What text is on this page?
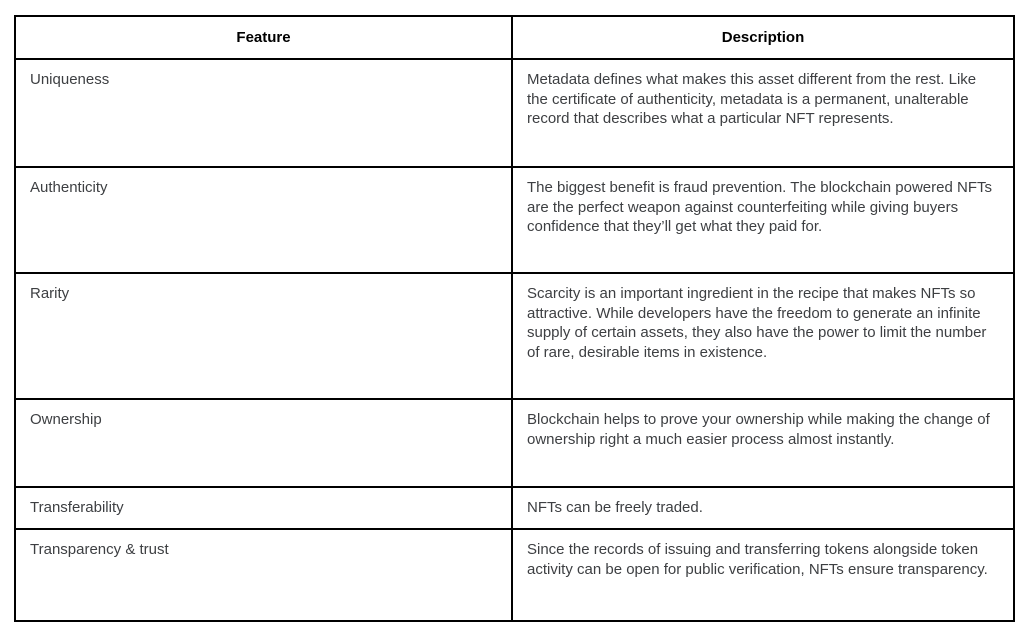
Feature	Description
Uniqueness	Metadata defines what makes this asset different from the rest. Like the certificate of authenticity, metadata is a permanent, unalterable record that describes what a particular NFT represents.
Authenticity	The biggest benefit is fraud prevention. The blockchain powered NFTs are the perfect weapon against counterfeiting while giving buyers confidence that they’ll get what they paid for.
Rarity	Scarcity is an important ingredient in the recipe that makes NFTs so attractive. While developers have the freedom to generate an infinite supply of certain assets, they also have the power to limit the number of rare, desirable items in existence.
Ownership	Blockchain helps to prove your ownership while making the change of ownership right a much easier process almost instantly.
Transferability	NFTs can be freely traded.
Transparency & trust	Since the records of issuing and transferring tokens alongside token activity can be open for public verification, NFTs ensure transparency.
